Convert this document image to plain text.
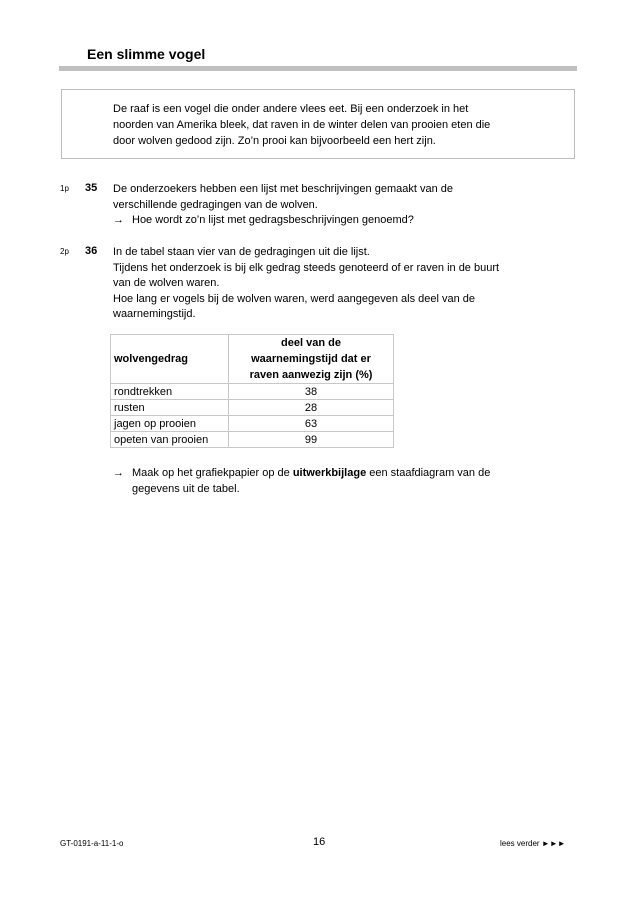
Een slimme vogel
De raaf is een vogel die onder andere vlees eet. Bij een onderzoek in het
noorden van Amerika bleek, dat raven in de winter delen van prooien eten die
door wolven gedood zijn. Zo’n prooi kan bijvoorbeeld een hert zijn.
1p 35 De onderzoekers hebben een lijst met beschrijvingen gemaakt van de
verschillende gedragingen van de wolven.
→ Hoe wordt zo’n lijst met gedragsbeschrijvingen genoemd?
2p 36 In de tabel staan vier van de gedragingen uit die lijst.
Tijdens het onderzoek is bij elk gedrag steeds genoteerd of er raven in de buurt
van de wolven waren.
Hoe lang er vogels bij de wolven waren, werd aangegeven als deel van de
waarnemingstijd.
wolvengedrag	deel van de
waarnemingstijd dat er
raven aanwezig zijn (%)

rondtrekken	38
rusten	28
jagen op prooien	63
opeten van prooien	99
→ Maak op het grafiekpapier op de uitwerkbijlage een staafdiagram van de
gegevens uit de tabel.
GT-0191-a-11-1-o	16	lees verder ►►►
